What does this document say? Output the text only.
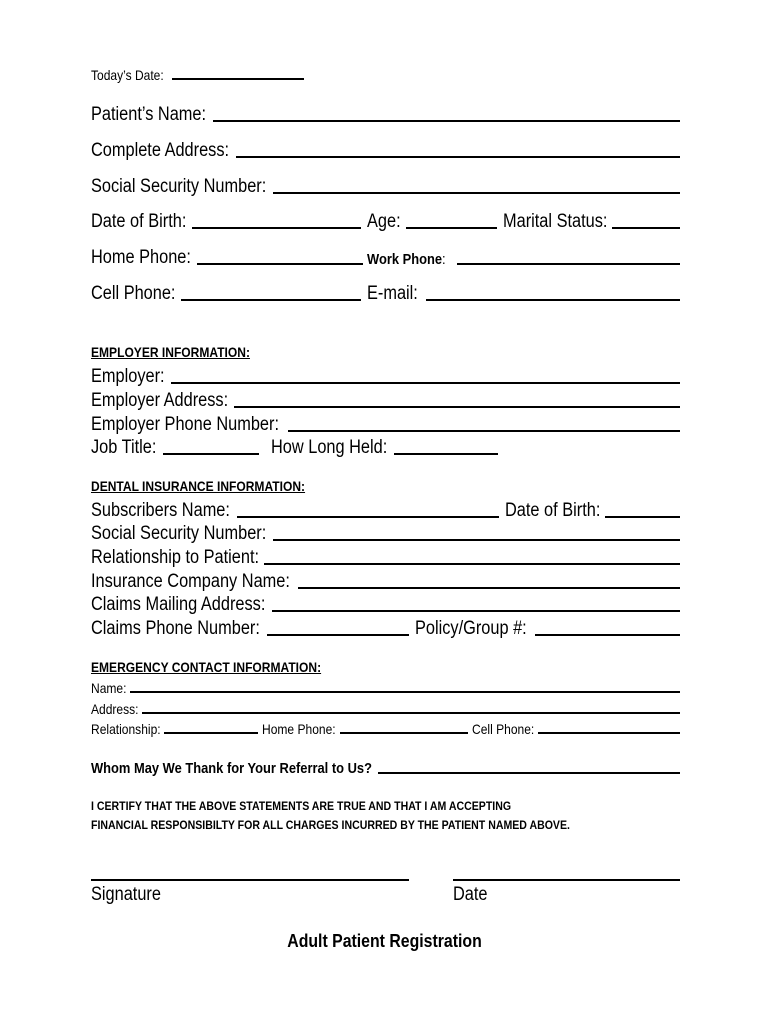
Today’s Date:
Patient’s Name:
Complete Address:
Social Security Number:
Date of Birth:	Age:	Marital Status:
Home Phone:	Work Phone:
Cell Phone:	E-mail:
EMPLOYER INFORMATION:
Employer:
Employer Address:
Employer Phone Number:
Job Title:	How Long Held:
DENTAL INSURANCE INFORMATION:
Subscribers Name:	Date of Birth:
Social Security Number:
Relationship to Patient:
Insurance Company Name:
Claims Mailing Address:
Claims Phone Number:	Policy/Group #:
EMERGENCY CONTACT INFORMATION:
Name:
Address:
Relationship:	Home Phone:	Cell Phone:
Whom May We Thank for Your Referral to Us?
I CERTIFY THAT THE ABOVE STATEMENTS ARE TRUE AND THAT I AM ACCEPTING
FINANCIAL RESPONSIBILTY FOR ALL CHARGES INCURRED BY THE PATIENT NAMED ABOVE.
Signature	Date
Adult Patient Registration
